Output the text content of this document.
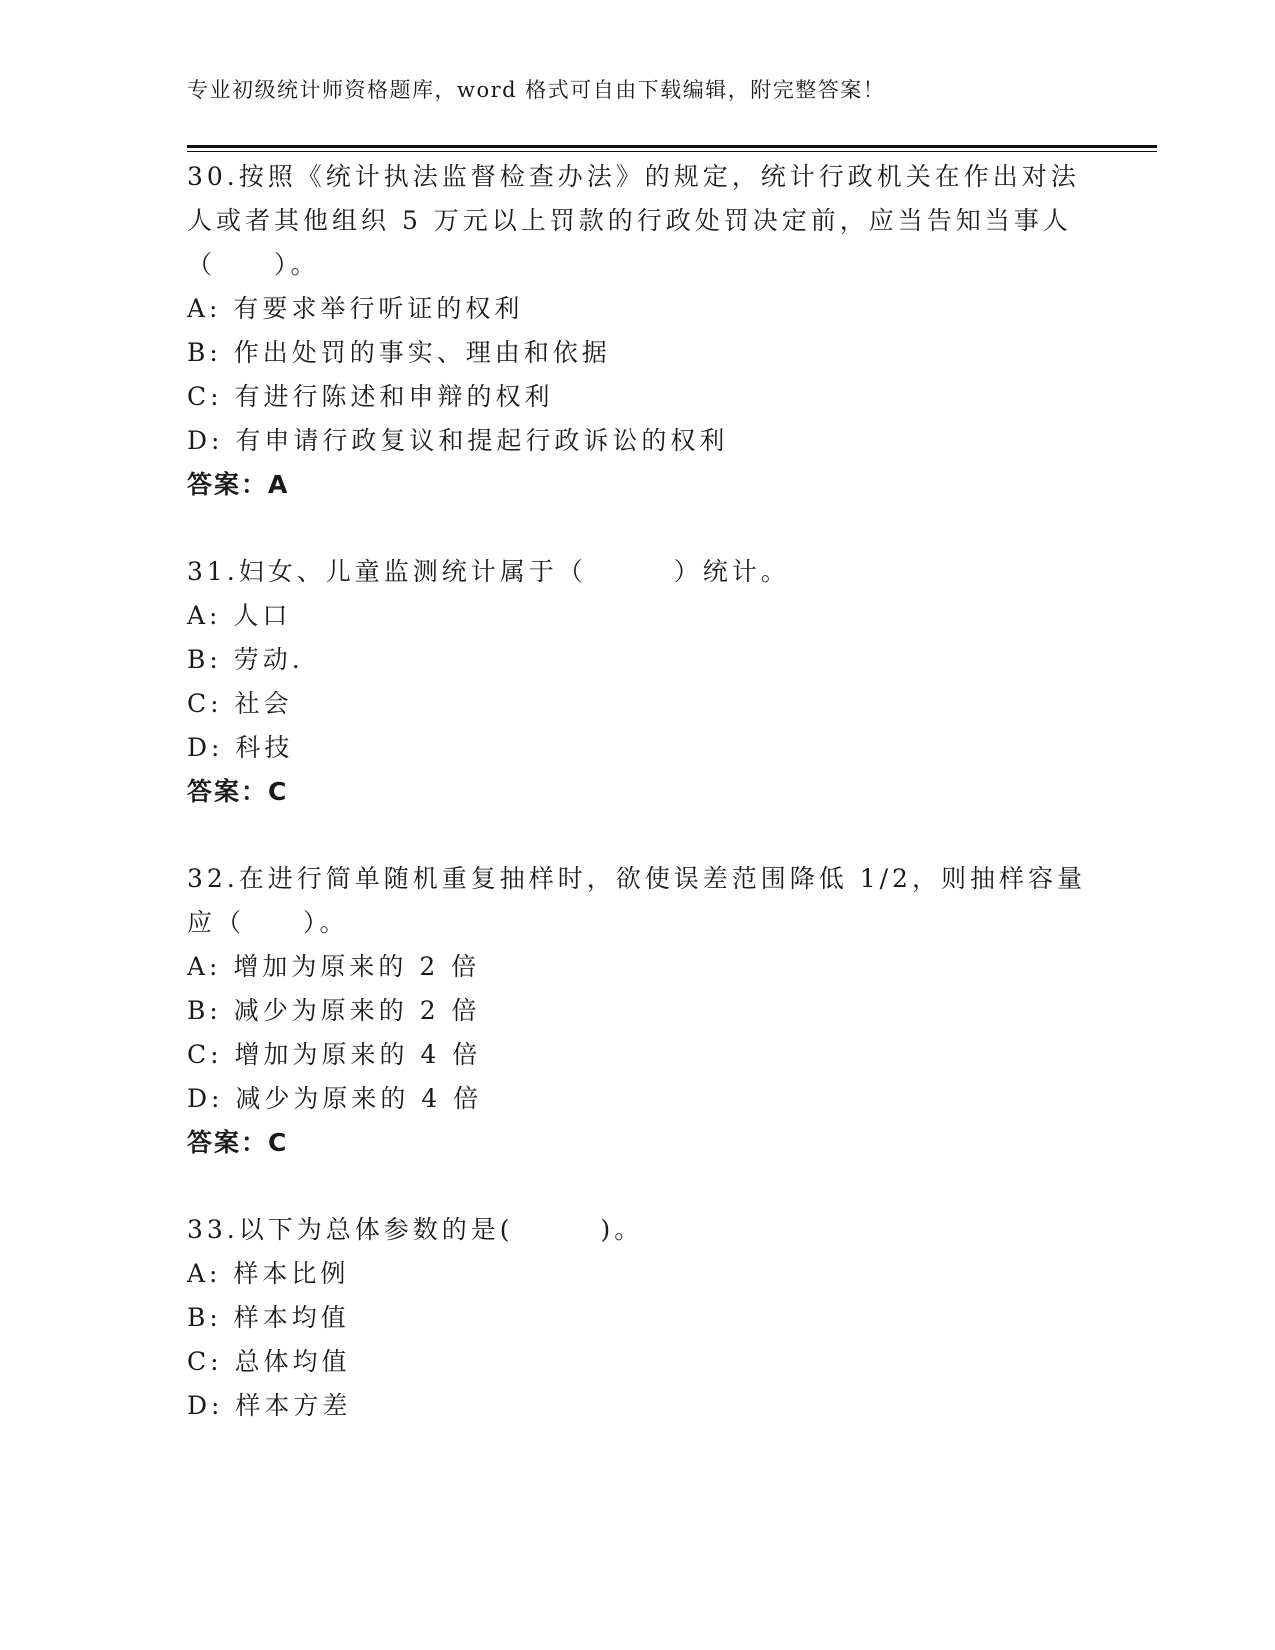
专业初级统计师资格题库，word 格式可自由下载编辑，附完整答案！
30.按照《统计执法监督检查办法》的规定，统计行政机关在作出对法
人或者其他组织 5 万元以上罚款的行政处罚决定前，应当告知当事人
（　　）。
A: 有要求举行听证的权利
B: 作出处罚的事实、理由和依据
C: 有进行陈述和申辩的权利
D: 有申请行政复议和提起行政诉讼的权利
答案：A
31.妇女、儿童监测统计属于（　　　）统计。
A: 人口
B: 劳动.
C: 社会
D: 科技
答案：C
32.在进行简单随机重复抽样时，欲使误差范围降低 1/2，则抽样容量
应（　　）。
A: 增加为原来的 2 倍
B: 减少为原来的 2 倍
C: 增加为原来的 4 倍
D: 减少为原来的 4 倍
答案：C
33.以下为总体参数的是(　　　)。
A: 样本比例
B: 样本均值
C: 总体均值
D: 样本方差
